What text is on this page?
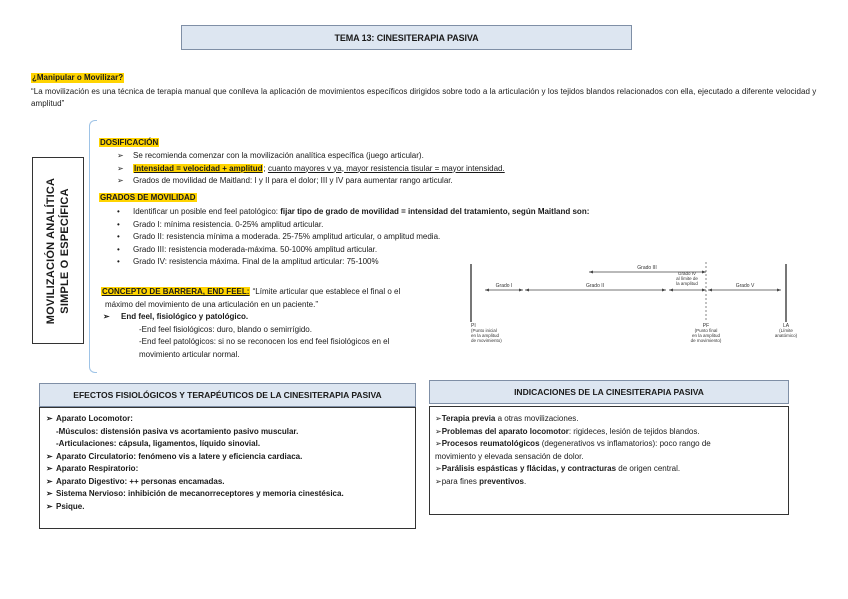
TEMA 13: CINESITERAPIA PASIVA
¿Manipular o Movilizar?
“La movilización es una técnica de terapia manual que conlleva la aplicación de movimientos específicos dirigidos sobre todo a la articulación y los tejidos blandos relacionados con ella, ejecutado a diferente velocidad y amplitud”
MOVILIZACIÓN ANALÍTICA SIMPLE O ESPECÍFICA
DOSIFICACIÓN
➢ Se recomienda comenzar con la movilización analítica específica (juego articular).
➢ Intensidad = velocidad + amplitud; cuanto mayores v ya, mayor resistencia tisular = mayor intensidad.
➢ Grados de movilidad de Maitland: I y II para el dolor; III y IV para aumentar rango articular.
GRADOS DE MOVILIDAD
• Identificar un posible end feel patológico: fijar tipo de grado de movilidad = intensidad del tratamiento, según Maitland son:
• Grado I: mínima resistencia. 0-25% amplitud articular.
• Grado II: resistencia mínima a moderada. 25-75% amplitud articular, o amplitud media.
• Grado III: resistencia moderada-máxima. 50-100% amplitud articular.
• Grado IV: resistencia máxima. Final de la amplitud articular: 75-100%
CONCEPTO DE BARRERA, END FEEL: “Límite articular que establece el final o el
máximo del movimiento de una articulación en un paciente.”
➢ End feel, fisiológico y patológico.
-End feel fisiológicos: duro, blando o semirrígido.
-End feel patológicos: si no se reconocen los end feel fisiológicos en el
movimiento articular normal.
Grado III
Grado I	Grado II
Grado IV
al límite de
la amplitud	Grado V
PI
(Punto inicial
en la amplitud
de movimiento)
PF
(Punto final
en la amplitud
de movimiento)
LA
(Límite
anatómico)
EFECTOS FISIOLÓGICOS Y TERAPÉUTICOS DE LA CINESITERAPIA PASIVA
➢ Aparato Locomotor:
-Músculos: distensión pasiva vs acortamiento pasivo muscular.
-Articulaciones: cápsula, ligamentos, líquido sinovial.
➢ Aparato Circulatorio: fenómeno vis a latere y eficiencia cardiaca.
➢ Aparato Respiratorio:
➢ Aparato Digestivo: ++ personas encamadas.
➢ Sistema Nervioso: inhibición de mecanorreceptores y memoria cinestésica.
➢ Psique.
INDICACIONES DE LA CINESITERAPIA PASIVA
➢Terapia previa a otras movilizaciones.
➢Problemas del aparato locomotor: rigideces, lesión de tejidos blandos.
➢Procesos reumatológicos (degenerativos vs inflamatorios): poco rango de
movimiento y elevada sensación de dolor.
➢Parálisis espásticas y flácidas, y contracturas de origen central.
➢para fines preventivos.
